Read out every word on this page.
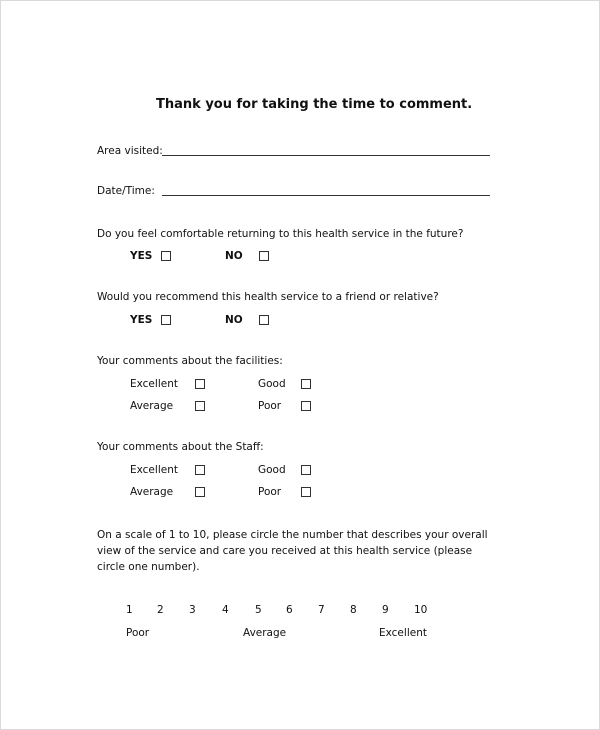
Thank you for taking the time to comment.
Area visited:
Date/Time:
Do you feel comfortable returning to this health service in the future?
YES	NO
Would you recommend this health service to a friend or relative?
YES	NO
Your comments about the facilities:
Excellent	Good
Average	Poor
Your comments about the Staff:
Excellent	Good
Average	Poor
On a scale of 1 to 10, please circle the number that describes your overall view of the service and care you received at this health service (please circle one number).
1 2 3	4	5 6 7 8 9 10
Poor	Average	Excellent
